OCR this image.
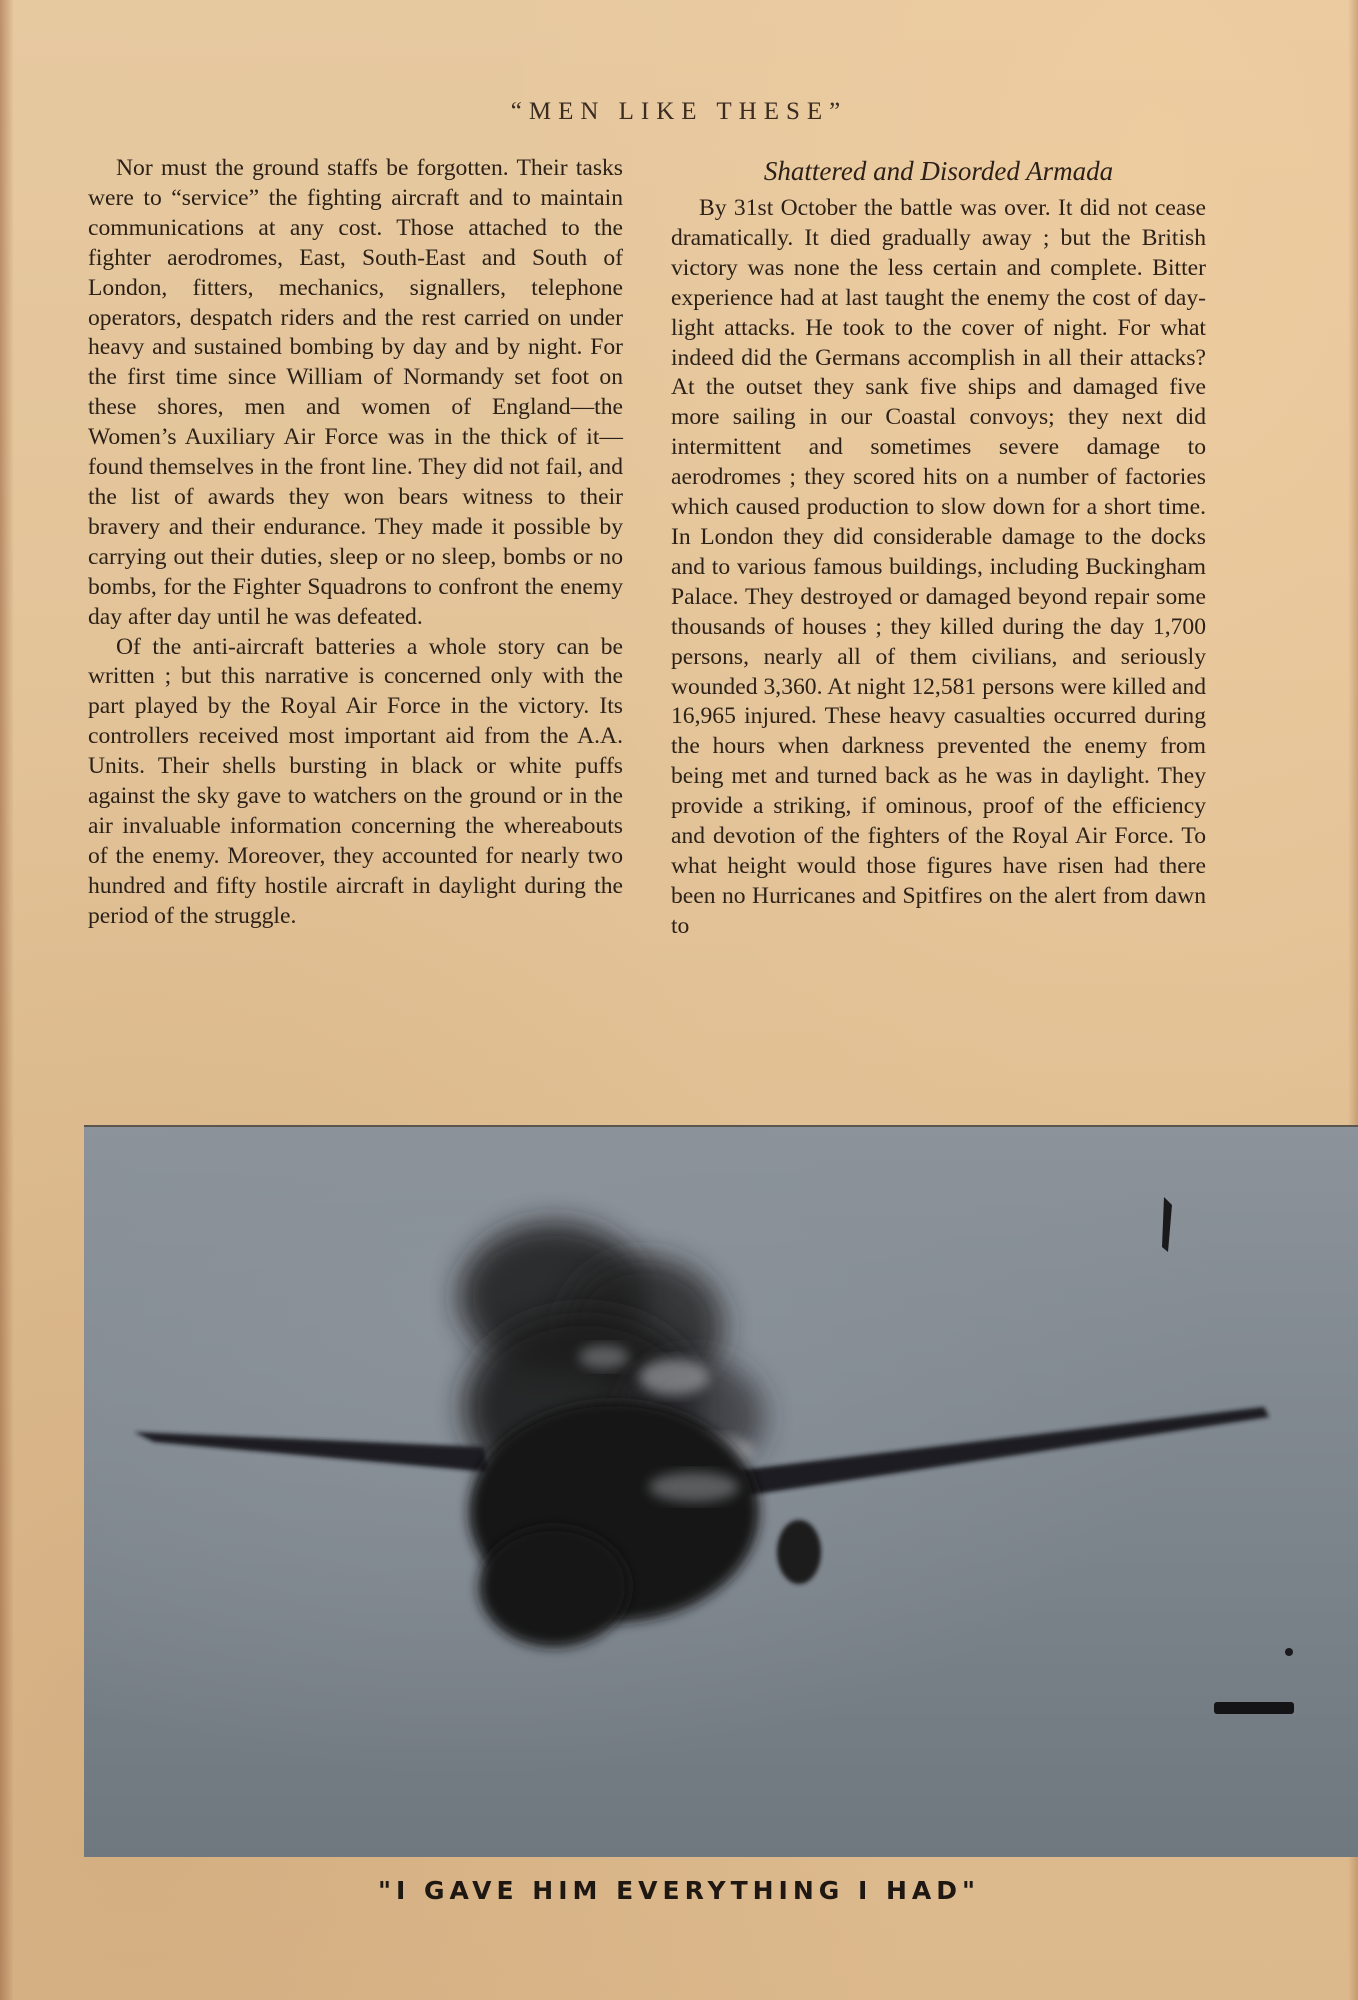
“MEN LIKE THESE”

Nor must the ground staffs be forgotten. Their tasks were to “service” the fighting aircraft and to maintain communications at any cost. Those attached to the fighter aerodromes, East, South-East and South of London, fitters, mechanics, signallers, telephone operators, despatch riders and the rest carried on under heavy and sustained bombing by day and by night. For the first time since William of Normandy set foot on these shores, men and women of England—the Women’s Auxiliary Air Force was in the thick of it—found themselves in the front line. They did not fail, and the list of awards they won bears witness to their bravery and their endurance. They made it possible by carrying out their duties, sleep or no sleep, bombs or no bombs, for the Fighter Squadrons to confront the enemy day after day until he was defeated.

Of the anti-aircraft batteries a whole story can be written ; but this narrative is concerned only with the part played by the Royal Air Force in the victory. Its controllers received most important aid from the A.A. Units. Their shells bursting in black or white puffs against the sky gave to watchers on the ground or in the air invaluable information concerning the whereabouts of the enemy. Moreover, they accounted for nearly two hundred and fifty hostile aircraft in daylight during the period of the struggle.

Shattered and Disorded Armada

By 31st October the battle was over. It did not cease dramatically. It died gradually away ; but the British victory was none the less certain and complete. Bitter experience had at last taught the enemy the cost of daylight attacks. He took to the cover of night. For what indeed did the Germans accomplish in all their attacks? At the outset they sank five ships and damaged five more sailing in our Coastal convoys; they next did intermittent and sometimes severe damage to aerodromes ; they scored hits on a number of factories which caused production to slow down for a short time. In London they did considerable damage to the docks and to various famous buildings, including Buckingham Palace. They destroyed or damaged beyond repair some thousands of houses ; they killed during the day 1,700 persons, nearly all of them civilians, and seriously wounded 3,360. At night 12,581 persons were killed and 16,965 injured. These heavy casualties occurred during the hours when darkness prevented the enemy from being met and turned back as he was in daylight. They provide a striking, if ominous, proof of the efficiency and devotion of the fighters of the Royal Air Force. To what height would those figures have risen had there been no Hurricanes and Spitfires on the alert from dawn to

"I GAVE HIM EVERYTHING I HAD"
